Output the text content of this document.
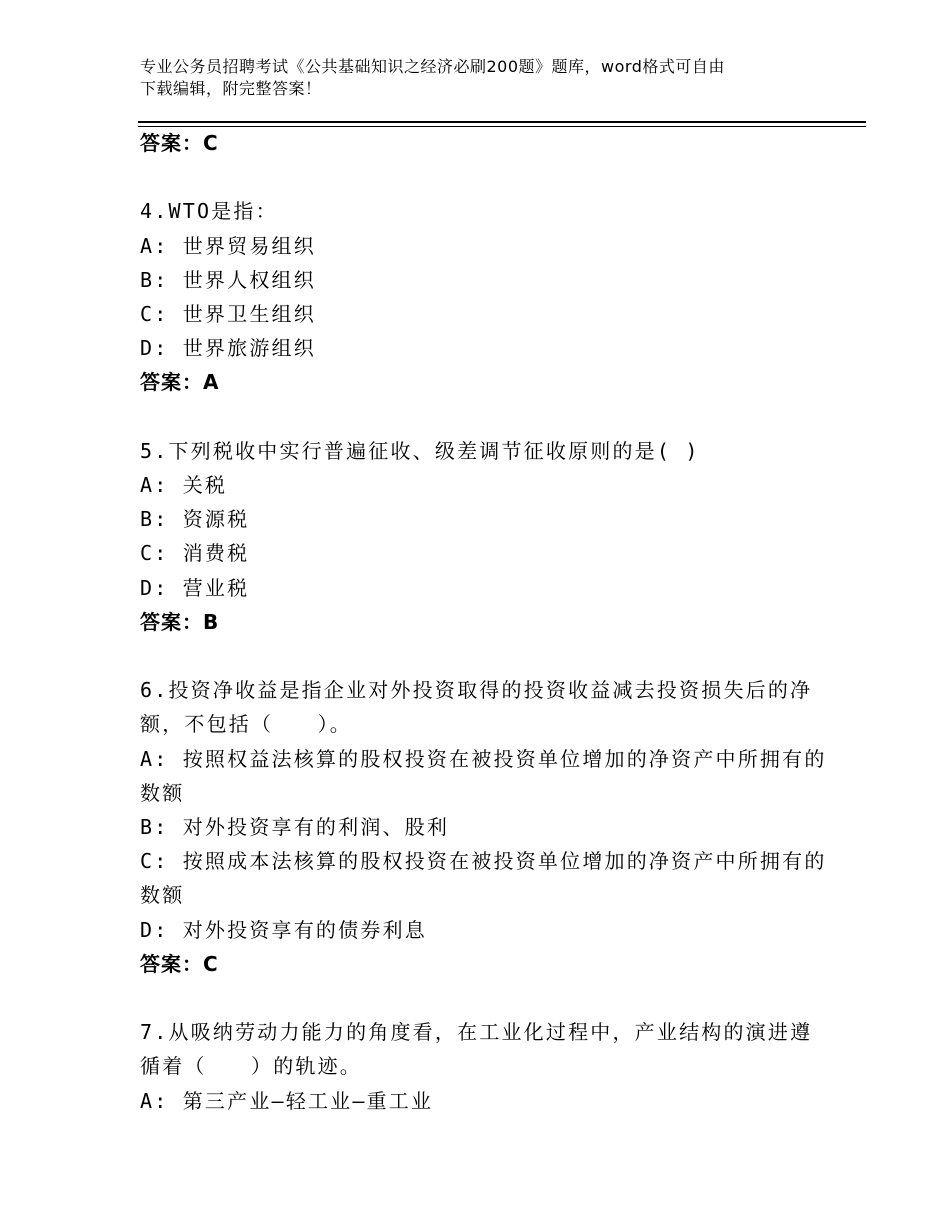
专业公务员招聘考试《公共基础知识之经济必刷200题》题库，word格式可自由
下载编辑，附完整答案！
答案：C
4.WTO是指：
A: 世界贸易组织
B: 世界人权组织
C: 世界卫生组织
D: 世界旅游组织
答案：A
5.下列税收中实行普遍征收、级差调节征收原则的是( )
A: 关税
B: 资源税
C: 消费税
D: 营业税
答案：B
6.投资净收益是指企业对外投资取得的投资收益减去投资损失后的净
额，不包括（　　）。
A: 按照权益法核算的股权投资在被投资单位增加的净资产中所拥有的
数额
B: 对外投资享有的利润、股利
C: 按照成本法核算的股权投资在被投资单位增加的净资产中所拥有的
数额
D: 对外投资享有的债券利息
答案：C
7.从吸纳劳动力能力的角度看，在工业化过程中，产业结构的演进遵
循着（　　）的轨迹。
A: 第三产业—轻工业—重工业
